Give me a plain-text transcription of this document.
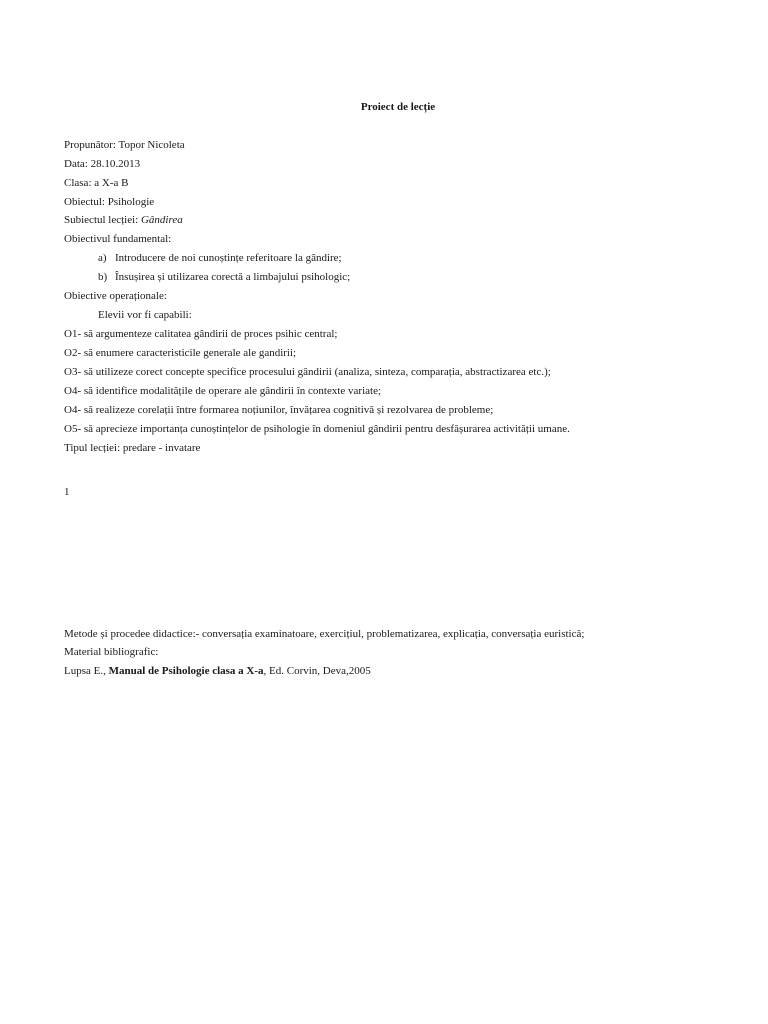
Proiect de lecție
Propunător: Topor Nicoleta
Data: 28.10.2013
Clasa: a X-a B
Obiectul: Psihologie
Subiectul lecției: Gândirea
Obiectivul fundamental:
a) Introducere de noi cunoștințe referitoare la gândire;
b) Însușirea și utilizarea corectă a limbajului psihologic;
Obiective operaționale:
Elevii vor fi capabili:
O1- să argumenteze calitatea gândirii de proces psihic central;
O2- să enumere caracteristicile generale ale gandirii;
O3- să utilizeze corect concepte specifice procesului gândirii (analiza, sinteza, comparația, abstractizarea etc.);
O4- să identifice modalitățile de operare ale gândirii în contexte variate;
O4- să realizeze corelații între formarea noțiunilor, învățarea cognitivă și rezolvarea de probleme;
O5- să aprecieze importanța cunoștințelor de psihologie în domeniul gândirii pentru desfășurarea activității umane.
Tipul lecției: predare - invatare
1
Metode și procedee didactice:- conversația examinatoare, exercițiul, problematizarea, explicația, conversația euristică;
Material bibliografic:
Lupsa E., Manual de Psihologie clasa a X-a, Ed. Corvin, Deva,2005
